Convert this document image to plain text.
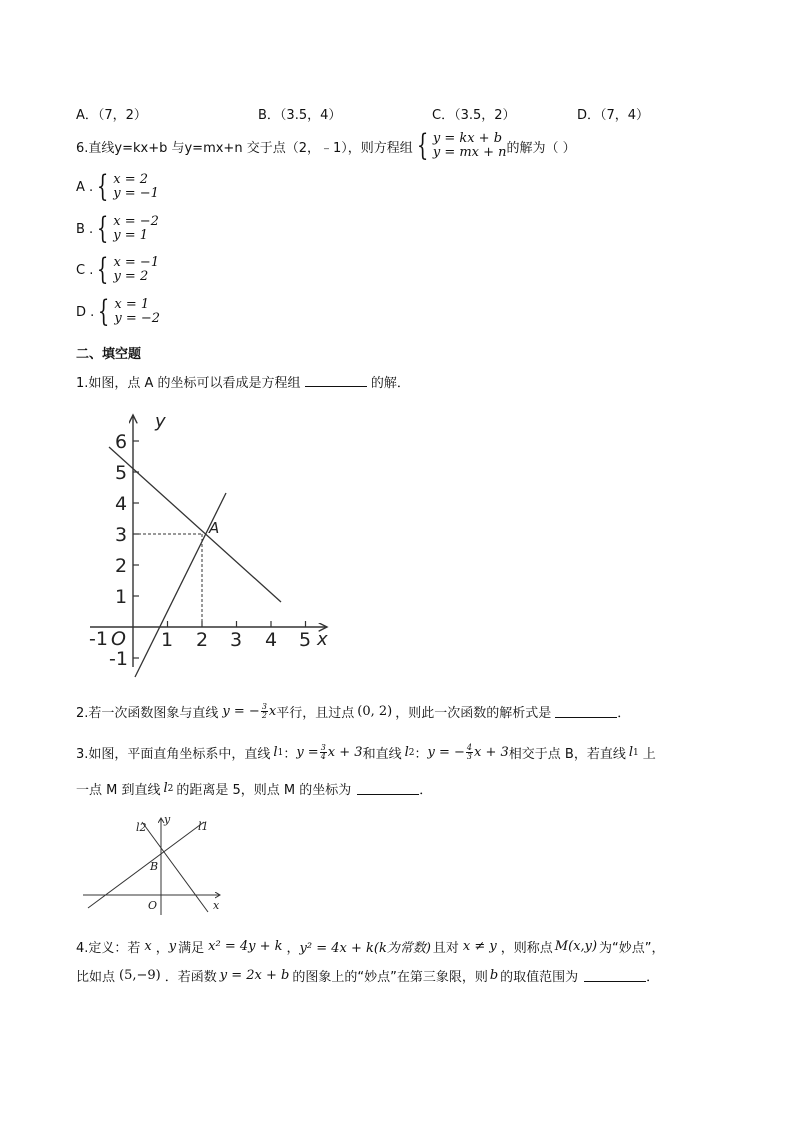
A．（7，2）	B．（3.5，4）	C．（3.5，2）	D．（7，4）
6.直线y=kx+b 与y=mx+n 交于点（2，﹣1），则方程组 { y = kx + b
y = mx + n 的解为（ ）
A . { x = 2
y = −1
B . { x = −2
y = 1
C . { x = −1
y = 2
D . { x = 1
y = −2
二、填空题
1.如图，点 A 的坐标可以看成是方程组	的解．
y
x
O
A
-1	1 2 3 4 5
6
5
4
3
2
1
-1
2.若一次函数图象与直线 y = − $\frac{3}{2}$ x 平行，且过点 (0, 2) ，则此一次函数的解析式是	．
3.如图，平面直角坐标系中，直线 l 1 ： $y = \frac{3}{4}$ x + 3 和直线 l 2 ： y = − $\frac{4}{3}$ x + 3 相交于点 B，若直线 l 1 上
一点 M 到直线 l 2 的距离是 5，则点 M 的坐标为	．
l2	l1
y
x
O
B
4.定义：若 x ， y 满足 x² = 4y + k ， y² = 4x + k(k为常数) 且对 x ≠ y ，则称点 M(x,y) 为“妙点”，
比如点 (5,−9) ．若函数 y = 2x + b 的图象上的“妙点”在第三象限，则 b 的取值范围为	．
